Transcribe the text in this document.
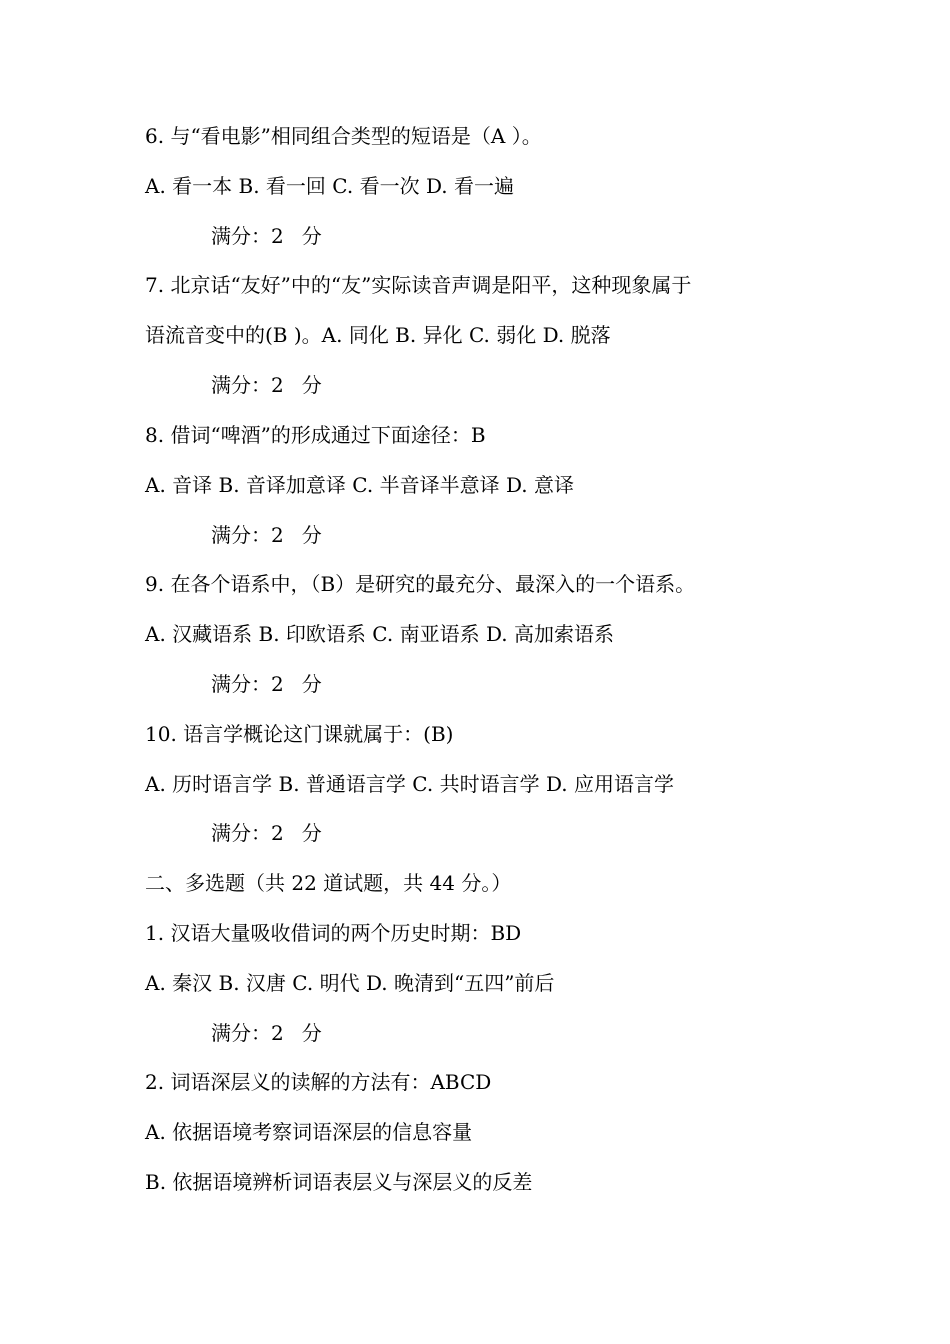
6. 与“看电影”相同组合类型的短语是（A ）。
A. 看一本 B. 看一回 C. 看一次 D. 看一遍
满分：2 分
7. 北京话“友好”中的“友”实际读音声调是阳平，这种现象属于
语流音变中的(B )。A. 同化 B. 异化 C. 弱化 D. 脱落
满分：2 分
8. 借词“啤酒”的形成通过下面途径：B
A. 音译 B. 音译加意译 C. 半音译半意译 D. 意译
满分：2 分
9. 在各个语系中，（B）是研究的最充分、最深入的一个语系。
A. 汉藏语系 B. 印欧语系 C. 南亚语系 D. 高加索语系
满分：2 分
10. 语言学概论这门课就属于：(B)
A. 历时语言学 B. 普通语言学 C. 共时语言学 D. 应用语言学
满分：2 分
二、多选题（共 22 道试题，共 44 分。）
1. 汉语大量吸收借词的两个历史时期：BD
A. 秦汉 B. 汉唐 C. 明代 D. 晚清到“五四”前后
满分：2 分
2. 词语深层义的读解的方法有：ABCD
A. 依据语境考察词语深层的信息容量
B. 依据语境辨析词语表层义与深层义的反差
